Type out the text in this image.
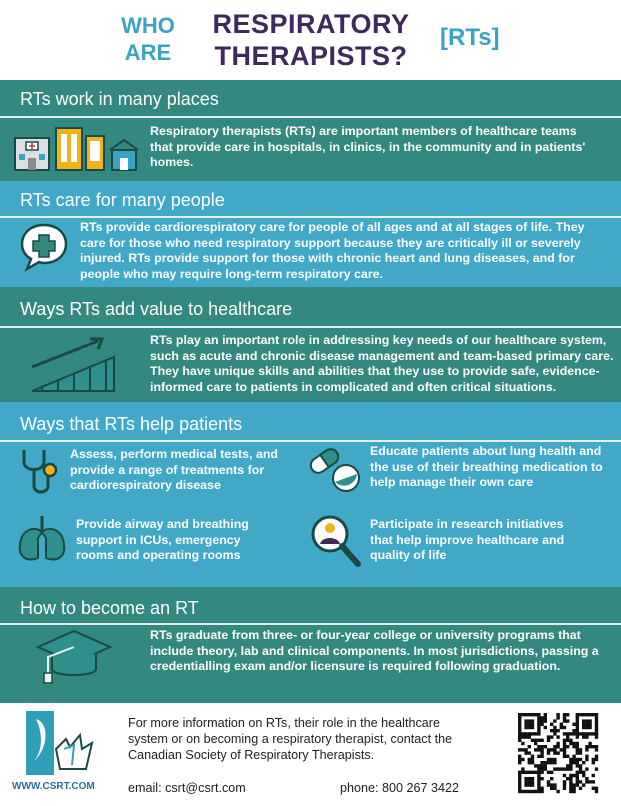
WHO
ARE
RESPIRATORY
THERAPISTS?
[RTs]
RTs work in many places
Respiratory therapists (RTs) are important members of healthcare teams
that provide care in hospitals, in clinics, in the community and in patients'
homes.
RTs care for many people
RTs provide cardiorespiratory care for people of all ages and at all stages of life. They
care for those who need respiratory support because they are critically ill or severely
injured. RTs provide support for those with chronic heart and lung diseases, and for
people who may require long-term respiratory care.
Ways RTs add value to healthcare
RTs play an important role in addressing key needs of our healthcare system,
such as acute and chronic disease management and team-based primary care.
They have unique skills and abilities that they use to provide safe, evidence-
informed care to patients in complicated and often critical situations.
Ways that RTs help patients
Assess, perform medical tests, and
provide a range of treatments for
cardiorespiratory disease
Educate patients about lung health and
the use of their breathing medication to
help manage their own care
Provide airway and breathing
support in ICUs, emergency
rooms and operating rooms
Participate in research initiatives
that help improve healthcare and
quality of life
How to become an RT
RTs graduate from three- or four-year college or university programs that
include theory, lab and clinical components. In most jurisdictions, passing a
credentialling exam and/or licensure is required following graduation.
WWW.CSRT.COM
For more information on RTs, their role in the healthcare
system or on becoming a respiratory therapist, contact the
Canadian Society of Respiratory Therapists.
email: csrt@csrt.com	phone: 800 267 3422
